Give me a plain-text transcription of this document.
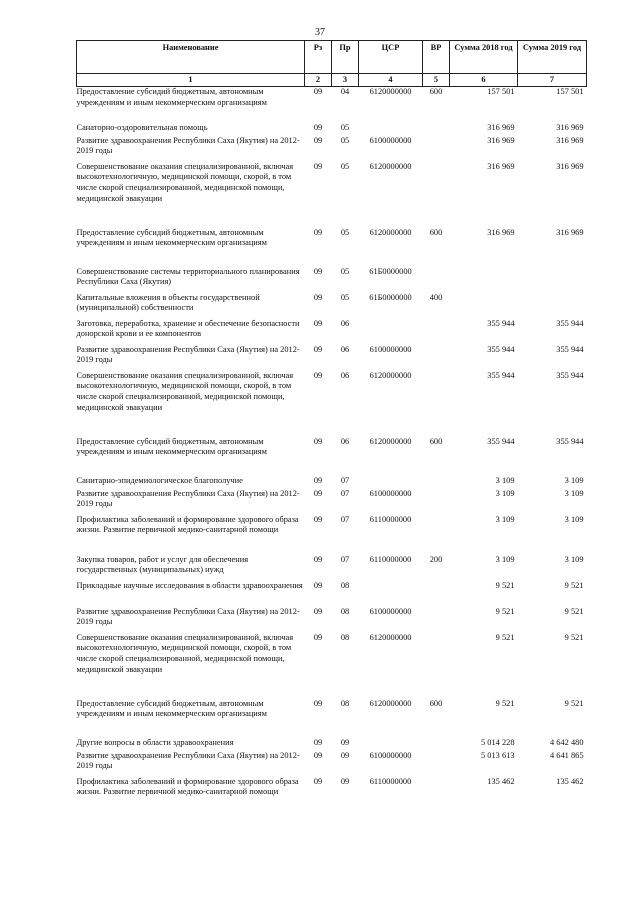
37
Наименование	Рз	Пр	ЦСР	ВР	Сумма 2018 год	Сумма 2019 год
1	2	3	4	5	6	7
Предоставление субсидий бюджетным, автономным учреждениям и иным некоммерческим организациям	09	04	6120000000	600	157 501	157 501
Санаторно-оздоровительная помощь	09	05			316 969	316 969
Развитие здравоохранения Республики Саха (Якутия) на 2012-2019 годы	09	05	6100000000		316 969	316 969
Совершенствование оказания специализированной, включая высокотехнологичную, медицинской помощи, скорой, в том числе скорой специализированной, медицинской помощи, медицинской эвакуации	09	05	6120000000		316 969	316 969
Предоставление субсидий бюджетным, автономным учреждениям и иным некоммерческим организациям	09	05	6120000000	600	316 969	316 969
Совершенствование системы территориального планирования Республики Саха (Якутия)	09	05	61Б0000000			
Капитальные вложения в объекты государственной (муниципальной) собственности	09	05	61Б0000000	400		
Заготовка, переработка, хранение и обеспечение безопасности донорской крови и ее компонентов	09	06			355 944	355 944
Развитие здравоохранения Республики Саха (Якутия) на 2012-2019 годы	09	06	6100000000		355 944	355 944
Совершенствование оказания специализированной, включая высокотехнологичную, медицинской помощи, скорой, в том числе скорой специализированной, медицинской помощи, медицинской эвакуации	09	06	6120000000		355 944	355 944
Предоставление субсидий бюджетным, автономным учреждениям и иным некоммерческим организациям	09	06	6120000000	600	355 944	355 944
Санитарно-эпидемиологическое благополучие	09	07			3 109	3 109
Развитие здравоохранения Республики Саха (Якутия) на 2012-2019 годы	09	07	6100000000		3 109	3 109
Профилактика заболеваний и формирование здорового образа жизни. Развитие первичной медико-санитарной помощи	09	07	6110000000		3 109	3 109
Закупка товаров, работ и услуг для обеспечения государственных (муниципальных) нужд	09	07	6110000000	200	3 109	3 109
Прикладные научные исследования в области здравоохранения	09	08			9 521	9 521
Развитие здравоохранения Республики Саха (Якутия) на 2012-2019 годы	09	08	6100000000		9 521	9 521
Совершенствование оказания специализированной, включая высокотехнологичную, медицинской помощи, скорой, в том числе скорой специализированной, медицинской помощи, медицинской эвакуации	09	08	6120000000		9 521	9 521
Предоставление субсидий бюджетным, автономным учреждениям и иным некоммерческим организациям	09	08	6120000000	600	9 521	9 521
Другие вопросы в области здравоохранения	09	09			5 014 228	4 642 480
Развитие здравоохранения Республики Саха (Якутия) на 2012-2019 годы	09	09	6100000000		5 013 613	4 641 865
Профилактика заболеваний и формирование здорового образа жизни. Развитие первичной медико-санитарной помощи	09	09	6110000000		135 462	135 462
